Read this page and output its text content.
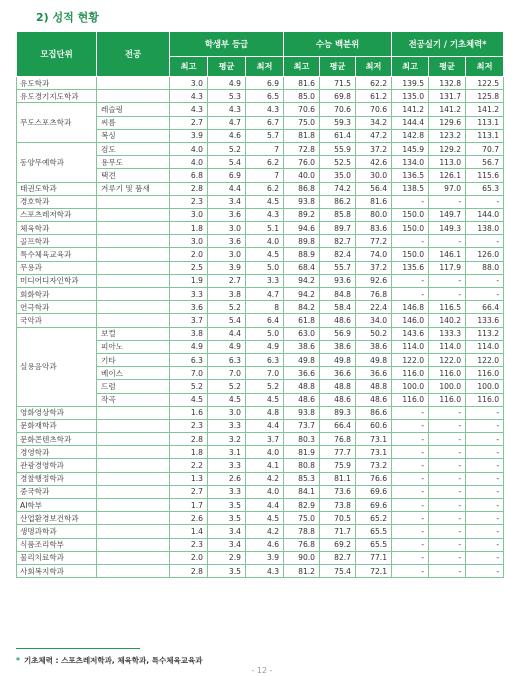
2) 성적 현황
모집단위	전공	학생부 등급			수능 백분위			전공실기 / 기초체력*		
		최고	평균	최저	최고	평균	최저	최고	평균	최저
유도학과		3.0	4.9	6.9	81.6	71.5	62.2	139.5	132.8	122.5
유도경기지도학과		4.3	5.3	6.5	85.0	69.8	61.2	135.0	131.7	125.8
무도스포츠학과	레슬링	4.3	4.3	4.3	70.6	70.6	70.6	141.2	141.2	141.2
	씨름	2.7	4.7	6.7	75.0	59.3	34.2	144.4	129.6	113.1
	복싱	3.9	4.6	5.7	81.8	61.4	47.2	142.8	123.2	113.1
동양무예학과	검도	4.0	5.2	7	72.8	55.9	37.2	145.9	129.2	70.7
	용무도	4.0	5.4	6.2	76.0	52.5	42.6	134.0	113.0	56.7
	택견	6.8	6.9	7	40.0	35.0	30.0	136.5	126.1	115.6
태권도학과	겨루기 및 품새	2.8	4.4	6.2	86.8	74.2	56.4	138.5	97.0	65.3
경호학과		2.3	3.4	4.5	93.8	86.2	81.6	-	-	-
스포츠레저학과		3.0	3.6	4.3	89.2	85.8	80.0	150.0	149.7	144.0
체육학과		1.8	3.0	5.1	94.6	89.7	83.6	150.0	149.3	138.0
골프학과		3.0	3.6	4.0	89.8	82.7	77.2	-	-	-
특수체육교육과		2.0	3.0	4.5	88.9	82.4	74.0	150.0	146.1	126.0
무용과		2.5	3.9	5.0	68.4	55.7	37.2	135.6	117.9	88.0
미디어디자인학과		1.9	2.7	3.3	94.2	93.6	92.6	-	-	-
회화학과		3.3	3.8	4.7	94.2	84.8	76.8	-	-	-
연극학과		3.6	5.2	8	84.2	58.4	22.4	146.8	116.5	66.4
국악과		3.7	5.4	6.4	61.8	48.6	34.0	146.0	140.2	133.6
실용음악과	보컬	3.8	4.4	5.0	63.0	56.9	50.2	143.6	133.3	113.2
	피아노	4.9	4.9	4.9	38.6	38.6	38.6	114.0	114.0	114.0
	기타	6.3	6.3	6.3	49.8	49.8	49.8	122.0	122.0	122.0
	베이스	7.0	7.0	7.0	36.6	36.6	36.6	116.0	116.0	116.0
	드럼	5.2	5.2	5.2	48.8	48.8	48.8	100.0	100.0	100.0
	작곡	4.5	4.5	4.5	48.6	48.6	48.6	116.0	116.0	116.0
영화영상학과		1.6	3.0	4.8	93.8	89.3	86.6	-	-	-
문화재학과		2.3	3.3	4.4	73.7	66.4	60.6	-	-	-
문화콘텐츠학과		2.8	3.2	3.7	80.3	76.8	73.1	-	-	-
경영학과		1.8	3.1	4.0	81.9	77.7	73.1	-	-	-
관광경영학과		2.2	3.3	4.1	80.8	75.9	73.2	-	-	-
경찰행정학과		1.3	2.6	4.2	85.3	81.1	76.6	-	-	-
중국학과		2.7	3.3	4.0	84.1	73.6	69.6	-	-	-
AI학부		1.7	3.5	4.4	82.9	73.8	69.6	-	-	-
산업환경보건학과		2.6	3.5	4.5	75.0	70.5	65.2	-	-	-
생명과학과		1.4	3.4	4.2	78.8	71.7	65.5	-	-	-
식품조리학부		2.3	3.4	4.6	76.8	69.2	65.5	-	-	-
물리치료학과		2.0	2.9	3.9	90.0	82.7	77.1	-	-	-
사회복지학과		2.8	3.5	4.3	81.2	75.4	72.1	-	-	-
* 기초체력 : 스포츠레저학과, 체육학과, 특수체육교육과
- 12 -
